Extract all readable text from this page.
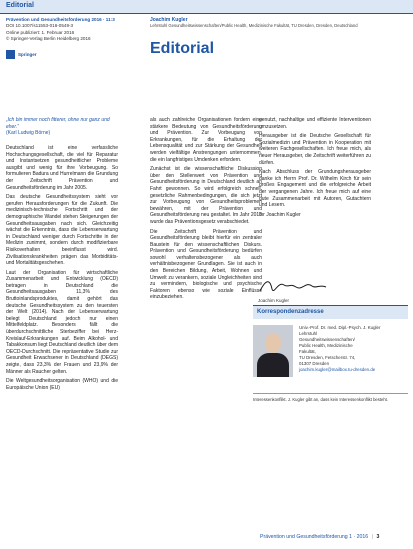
Editorial
Prävention und Gesundheitsförderung 2016 · 11:3
DOI 10.1007/s11553-016-0549-3
Online publiziert: 1. Februar 2016
© Springer-Verlag Berlin Heidelberg 2016
Springer
Joachim Kugler
Lehrstuhl Gesundheitswissenschaften/Public Health, Medizinische Fakultät, TU Dresden, Dresden, Deutschland
Editorial
„Ich bin immer noch fitterer, ohne nur ganz und eher.“
(Karl Ludwig Börne)

Deutschland ist eine verfassliche Hochschungsgesellschaft, die viel für Reparatur und Instantsetzen gesundheitlicher Probleme ausgibt und wenig für ihre Vorbeugung. So formulieren Badura und Hurrelmann die Grundung der Zeitschrift Prävention und Gesundheitsförderung im Jahr 2005.

Das deutsche Gesundheitssystem sieht vor gerufen Herausforderungen für die Zukunft. Die medizinisch-technische Fortschritt und der demographische Wandel stehen Steigerungen der Gesundheitsausgaben nach sich. Gleichzeitig wächst die Erkenntnis, dass die Lebenserwartung in Deutschland weniger durch Fortschritte in der Medizin zunimmt, sondern durch modifizierbare Risikoverhalten beeinflusst wird. Zivilisationskrankheiten prägen das Morbiditäts- und Mortalitätsgeschehen.

Laut der Organisation für wirtschaftliche Zusammenarbeit und Entwicklung (OECD) betragen in Deutschland die Gesundheitsausgaben 11,3% des Bruttoinlandsproduktes, damit gehört das deutsche Gesundheitssystem zu den teuersten der Welt (2014). Nach der Lebenserwartung belegt Deutschland jedoch nur einen Mittelfeldplatz. Besonders fällt die überdurchschnittliche Sterbeziffer bei Herz-Kreislauf-Erkrankungen auf. Beim Alkohol- und Tabakkonsum liegt Deutschland deutlich über dem OECD-Durchschnitt. Die repräsentative Studie zur Gesundheit Erwachsener in Deutschland (DEGS) zeigte, dass 23,3% der Frauen und 23,9% der Männer als Raucher gelten.

Die Weltgesundheitsorganisation (WHO) und die Europäische Union (EU)

als auch zahlreiche Organisationen fordern eine stärkere Bedeutung von Gesundheitsförderung und Prävention. Zur Vorbeugung von Erkrankungen, für die Erhaltung der Lebensqualität und zur Stärkung der Gesundheit werden vielfältige Anstrengungen unternommen, die ein langfristiges Umdenken erfordern.

Zunächst ist die wissenschaftliche Diskussion über den Stellenwert von Prävention und Gesundheitsförderung in Deutschland deutlich an Fahrt gewonnen. So wird erfolgreich schnell, gesetzliche Rahmenbedingungen, die sich jetzt zur Vorbeugung von Gesundheitsproblemen bewähren, mit der Prävention und Gesundheitsförderung neu gestaltet. Im Jahr 2015 wurde das Präventionsgesetz verabschiedet.

Die Zeitschrift Prävention und Gesundheitsförderung bleibt hierfür ein zentraler Baustein für den wissenschaftlichen Diskurs. Prävention und Gesundheitsförderung bedürfen sowohl verhaltensbezogener als auch verhältnisbezogener Grundlagen. Sie ist auch in den Bereichen Bildung, Arbeit, Wohnen und Umwelt zu verankern, soziale Ungleichheiten sind zu vermindern, biologische und psychische Faktoren ebenso wie soziale Einflüsse einzubeziehen.

genutzt, nachhaltige und effiziente Interventionen umzusetzen.

Herausgeber ist die Deutsche Gesellschaft für Sozialmedizin und Prävention in Kooperation mit weiteren Fachgesellschaften. Ich freue mich, als neuer Herausgeber, die Zeitschrift weiterführen zu dürfen.

Nach Abschluss der Grundungsherausgeber danke ich Herrn Prof. Dr. Wilhelm Kirch für sein großes Engagement und die erfolgreiche Arbeit der vergangenen Jahre. Ich freue mich auf eine gute Zusammenarbeit mit Autoren, Gutachtern und Lesern.

Ihr Joachim Kugler

Joachim Kugler
Korrespondenzadresse
Univ.-Prof. Dr. med. Dipl.-Psych. J. Kugler
Lehrstuhl
Gesundheitswissenschaften/
Public Health, Medizinische
Fakultät,
TU Dresden, Fetscherstr. 74,
01307 Dresden
joachim.kugler@mailbox.tu-dresden.de
Interessenkonflikt. J. Kugler gibt an, dass kein Interessenkonflikt besteht.
Prävention und Gesundheitsförderung 1 · 2016 | 3
